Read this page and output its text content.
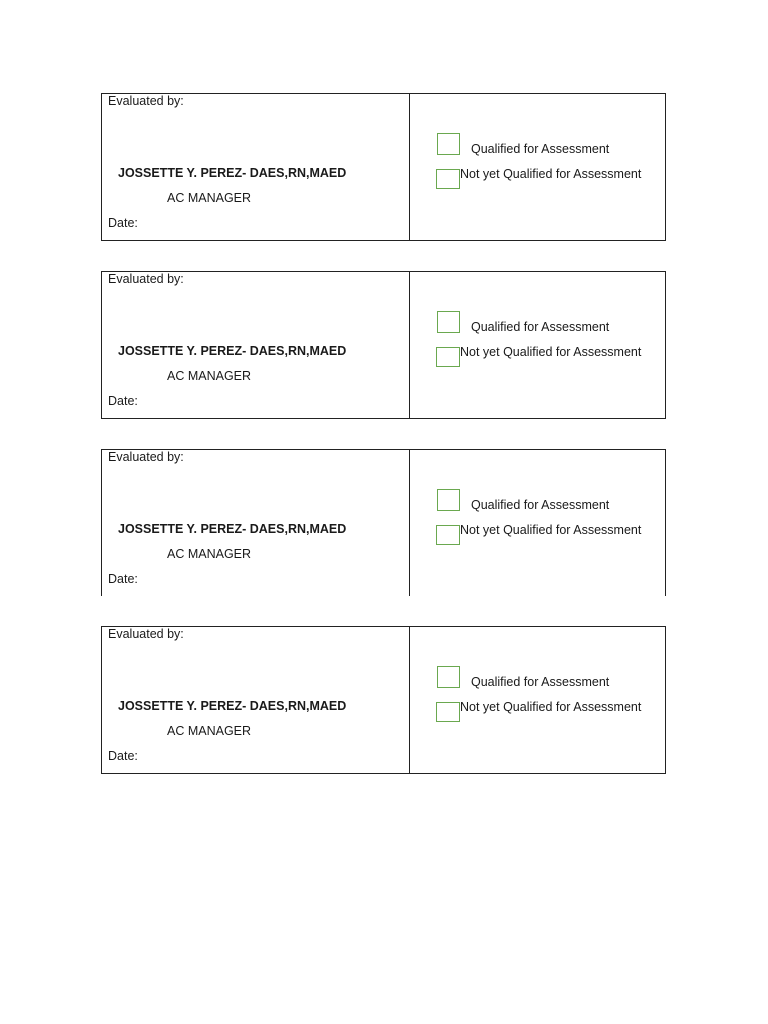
Evaluated by:
JOSSETTE Y. PEREZ- DAES,RN,MAED
AC MANAGER
Date:
Qualified for Assessment
Not yet Qualified for Assessment
Evaluated by:
JOSSETTE Y. PEREZ- DAES,RN,MAED
AC MANAGER
Date:
Qualified for Assessment
Not yet Qualified for Assessment
Evaluated by:
JOSSETTE Y. PEREZ- DAES,RN,MAED
AC MANAGER
Date:
Qualified for Assessment
Not yet Qualified for Assessment
Evaluated by:
JOSSETTE Y. PEREZ- DAES,RN,MAED
AC MANAGER
Date:
Qualified for Assessment
Not yet Qualified for Assessment
